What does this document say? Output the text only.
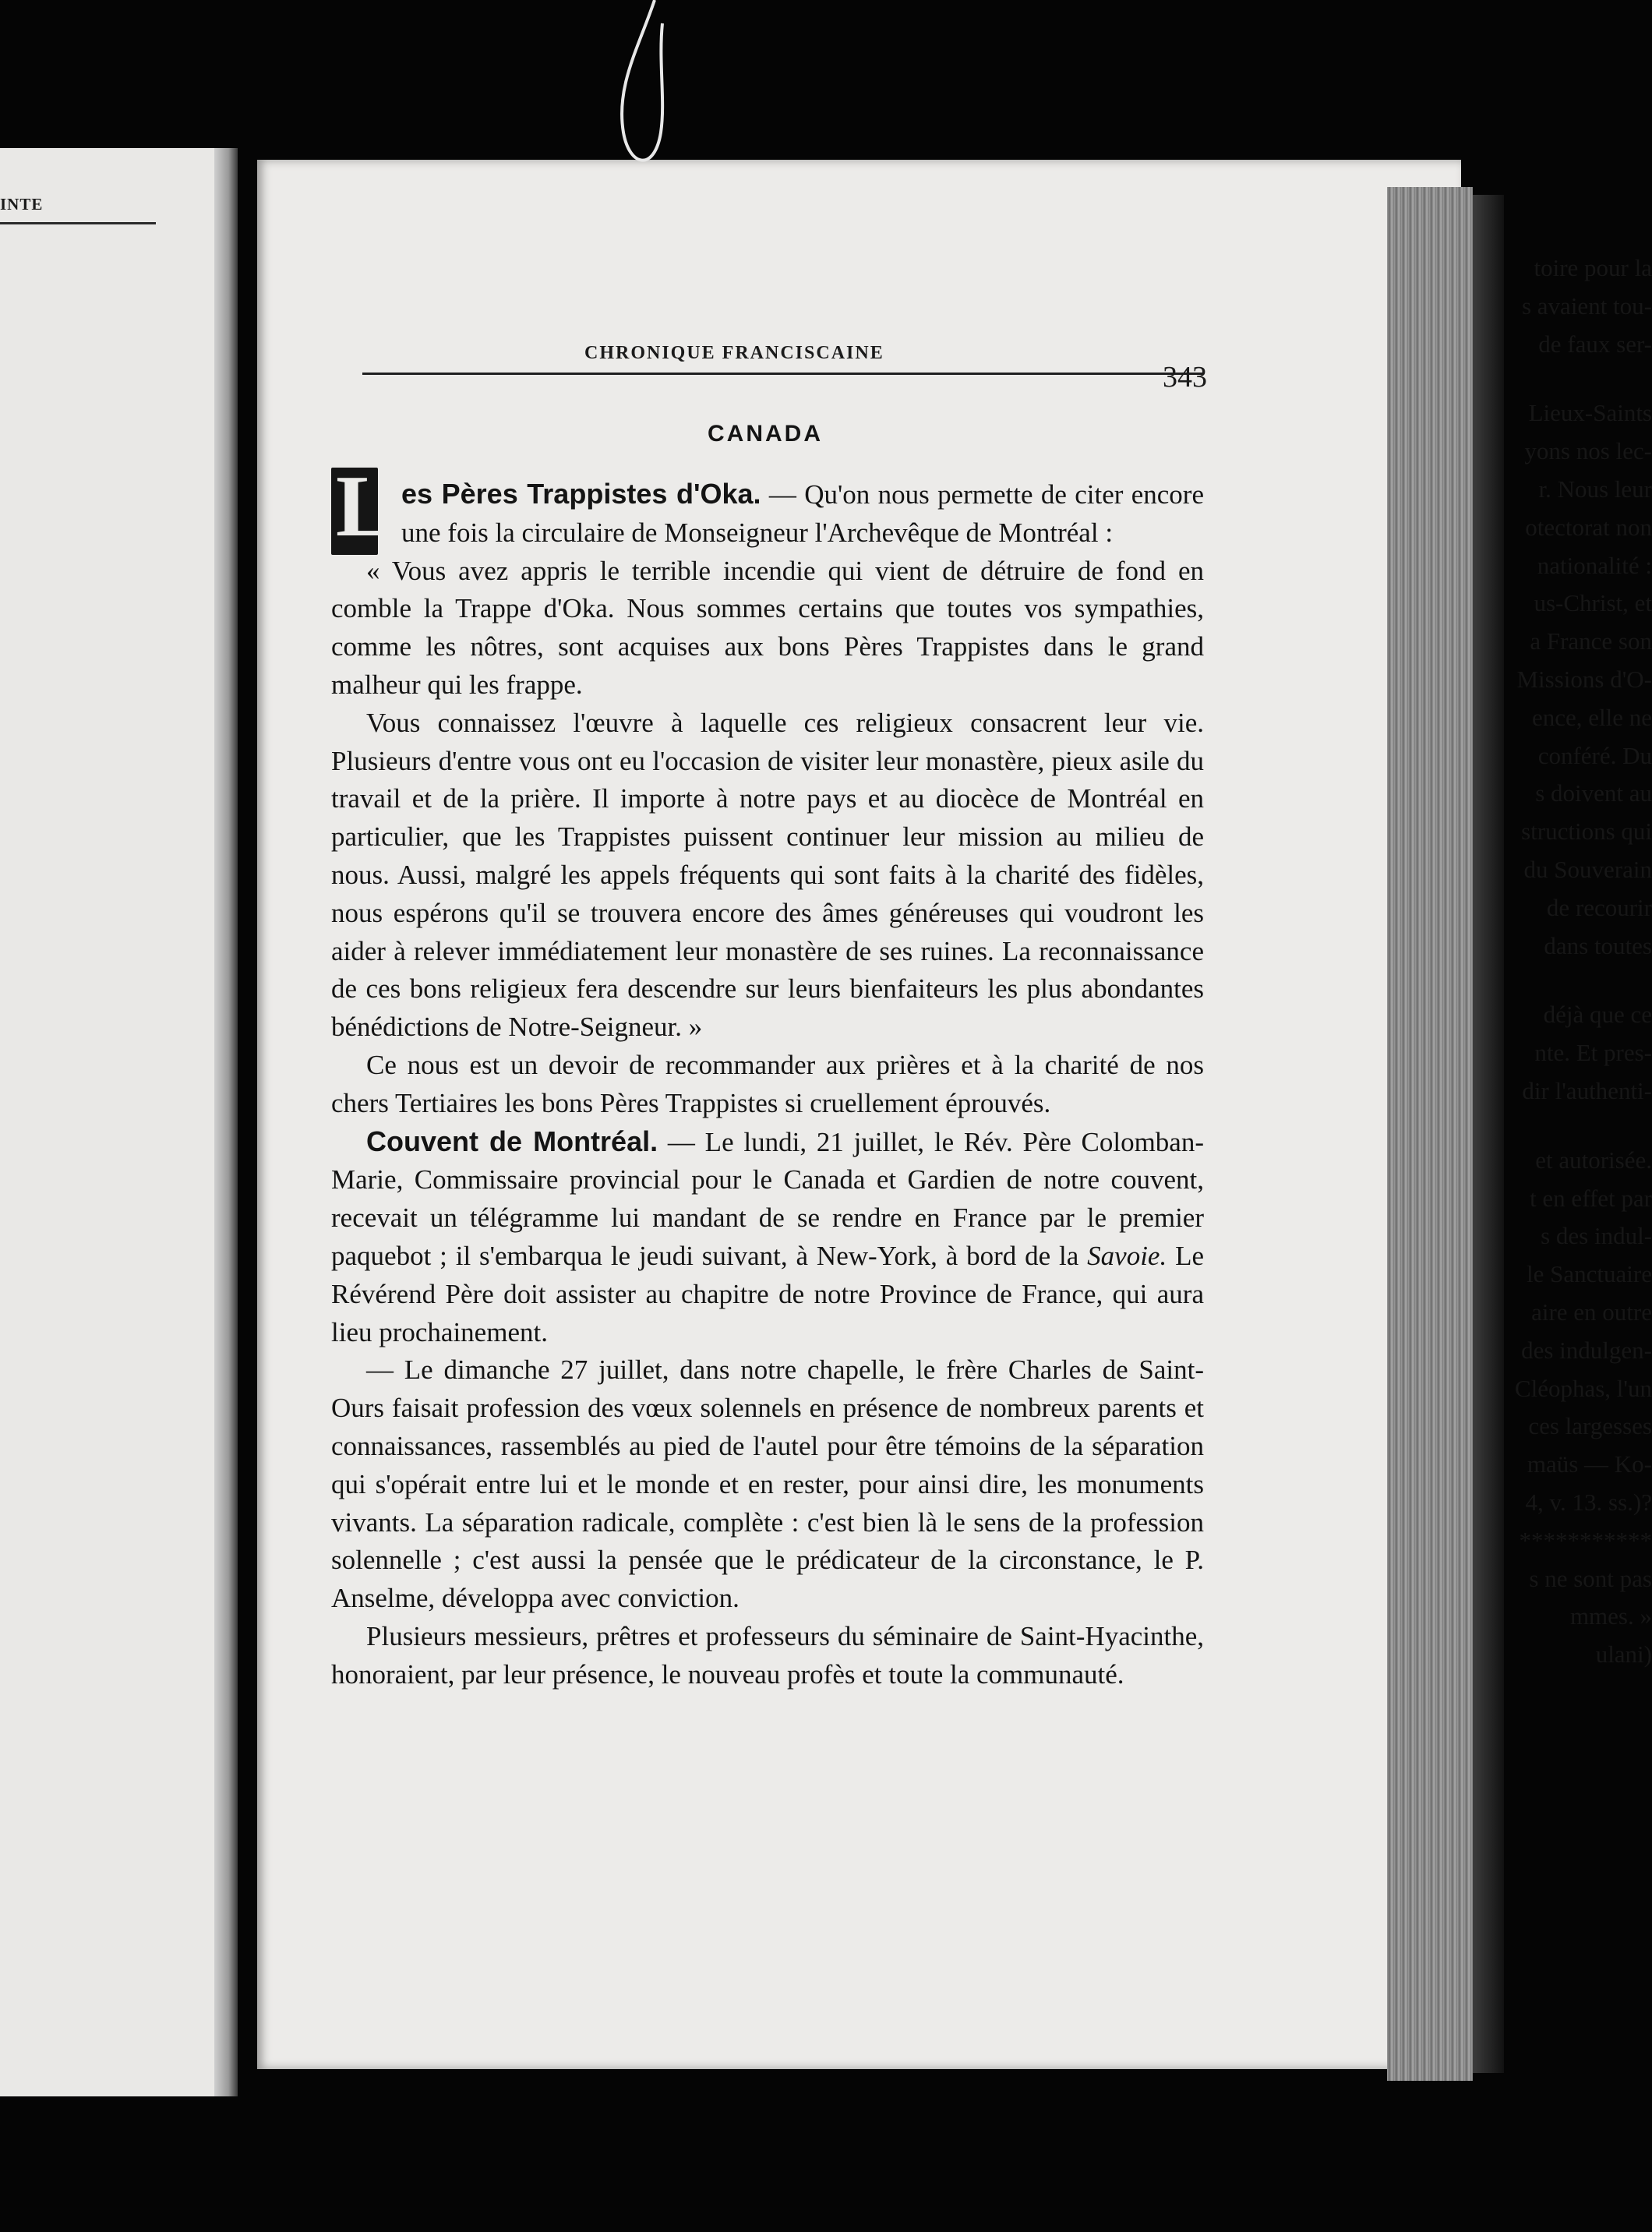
INTE
toire pour la
s avaient tou-
de faux ser-
Lieux-Saints
yons nos lec-
r. Nous leur
otectorat non
nationalité :
us-Christ, et
a France son
Missions d'O-
ence, elle ne
conféré. Du
s doivent au
structions qui
du Souverain
de recourir
dans toutes
déjà que ce
nte. Et pres-
dir l'authenti-
et autorisée.
t en effet par
s des indul-
le Sanctuaire
aire en outre
des indulgen-
Cléophas, l'un
ces largesses
maüs — Ko-
4, v. 13. ss.)?
***********
s ne sont pas
mmes. »
ulani)
CHRONIQUE FRANCISCAINE
343
CANADA
L es Pères Trappistes d'Oka. — Qu'on nous permette de citer encore une fois la circulaire de Monseigneur l'Archevêque de Montréal :

« Vous avez appris le terrible incendie qui vient de détruire de fond en comble la Trappe d'Oka. Nous sommes certains que toutes vos sympathies, comme les nôtres, sont acquises aux bons Pères Trappistes dans le grand malheur qui les frappe.

Vous connaissez l'œuvre à laquelle ces religieux consacrent leur vie. Plusieurs d'entre vous ont eu l'occasion de visiter leur monastère, pieux asile du travail et de la prière. Il importe à notre pays et au diocèce de Montréal en particulier, que les Trappistes puissent continuer leur mission au milieu de nous. Aussi, malgré les appels fréquents qui sont faits à la charité des fidèles, nous espérons qu'il se trouvera encore des âmes généreuses qui voudront les aider à relever immédiatement leur monastère de ses ruines. La reconnaissance de ces bons religieux fera descendre sur leurs bienfaiteurs les plus abondantes bénédictions de Notre-Seigneur. »

Ce nous est un devoir de recommander aux prières et à la charité de nos chers Tertiaires les bons Pères Trappistes si cruellement éprouvés.

Couvent de Montréal. — Le lundi, 21 juillet, le Rév. Père Colomban-Marie, Commissaire provincial pour le Canada et Gardien de notre couvent, recevait un télégramme lui mandant de se rendre en France par le premier paquebot ; il s'embarqua le jeudi suivant, à New-York, à bord de la Savoie. Le Révérend Père doit assister au chapitre de notre Province de France, qui aura lieu prochainement.

— Le dimanche 27 juillet, dans notre chapelle, le frère Charles de Saint-Ours faisait profession des vœux solennels en présence de nombreux parents et connaissances, rassemblés au pied de l'autel pour être témoins de la séparation qui s'opérait entre lui et le monde et en rester, pour ainsi dire, les monuments vivants. La séparation radicale, complète : c'est bien là le sens de la profession solennelle ; c'est aussi la pensée que le prédicateur de la circonstance, le P. Anselme, développa avec conviction.

Plusieurs messieurs, prêtres et professeurs du séminaire de Saint-Hyacinthe, honoraient, par leur présence, le nouveau profès et toute la communauté.
